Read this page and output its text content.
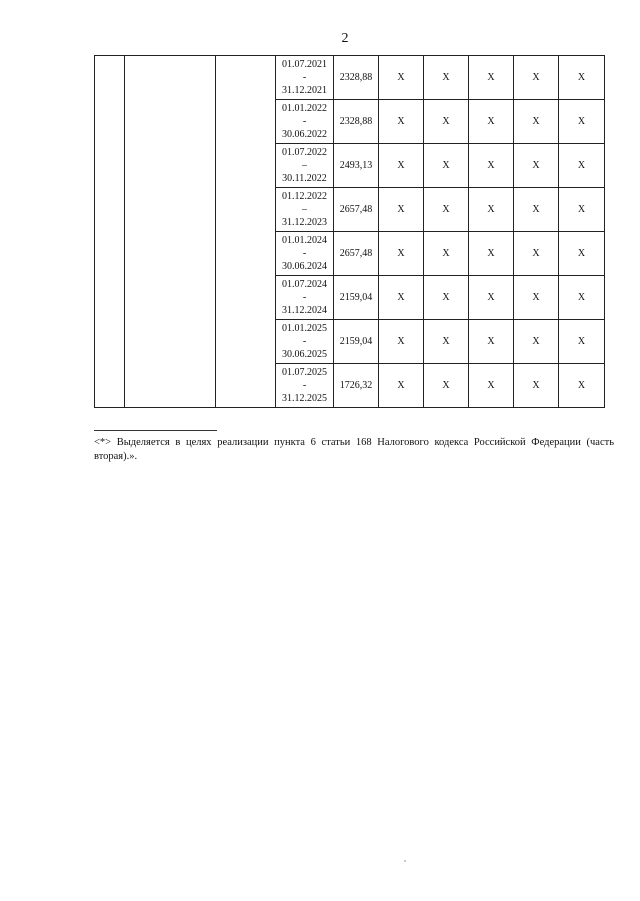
2

			01.07.2021
-
31.12.2021	2328,88	X	X	X	X	X

			01.01.2022
-
30.06.2022	2328,88	X	X	X	X	X

			01.07.2022
–
30.11.2022	2493,13	X	X	X	X	X

			01.12.2022
–
31.12.2023	2657,48	X	X	X	X	X

			01.01.2024
-
30.06.2024	2657,48	X	X	X	X	X

			01.07.2024
-
31.12.2024	2159,04	X	X	X	X	X

			01.01.2025
-
30.06.2025	2159,04	X	X	X	X	X

			01.07.2025
-
31.12.2025	1726,32	X	X	X	X	X
<*> Выделяется в целях реализации пункта 6 статьи 168 Налогового кодекса Российской Федерации (часть вторая).».
